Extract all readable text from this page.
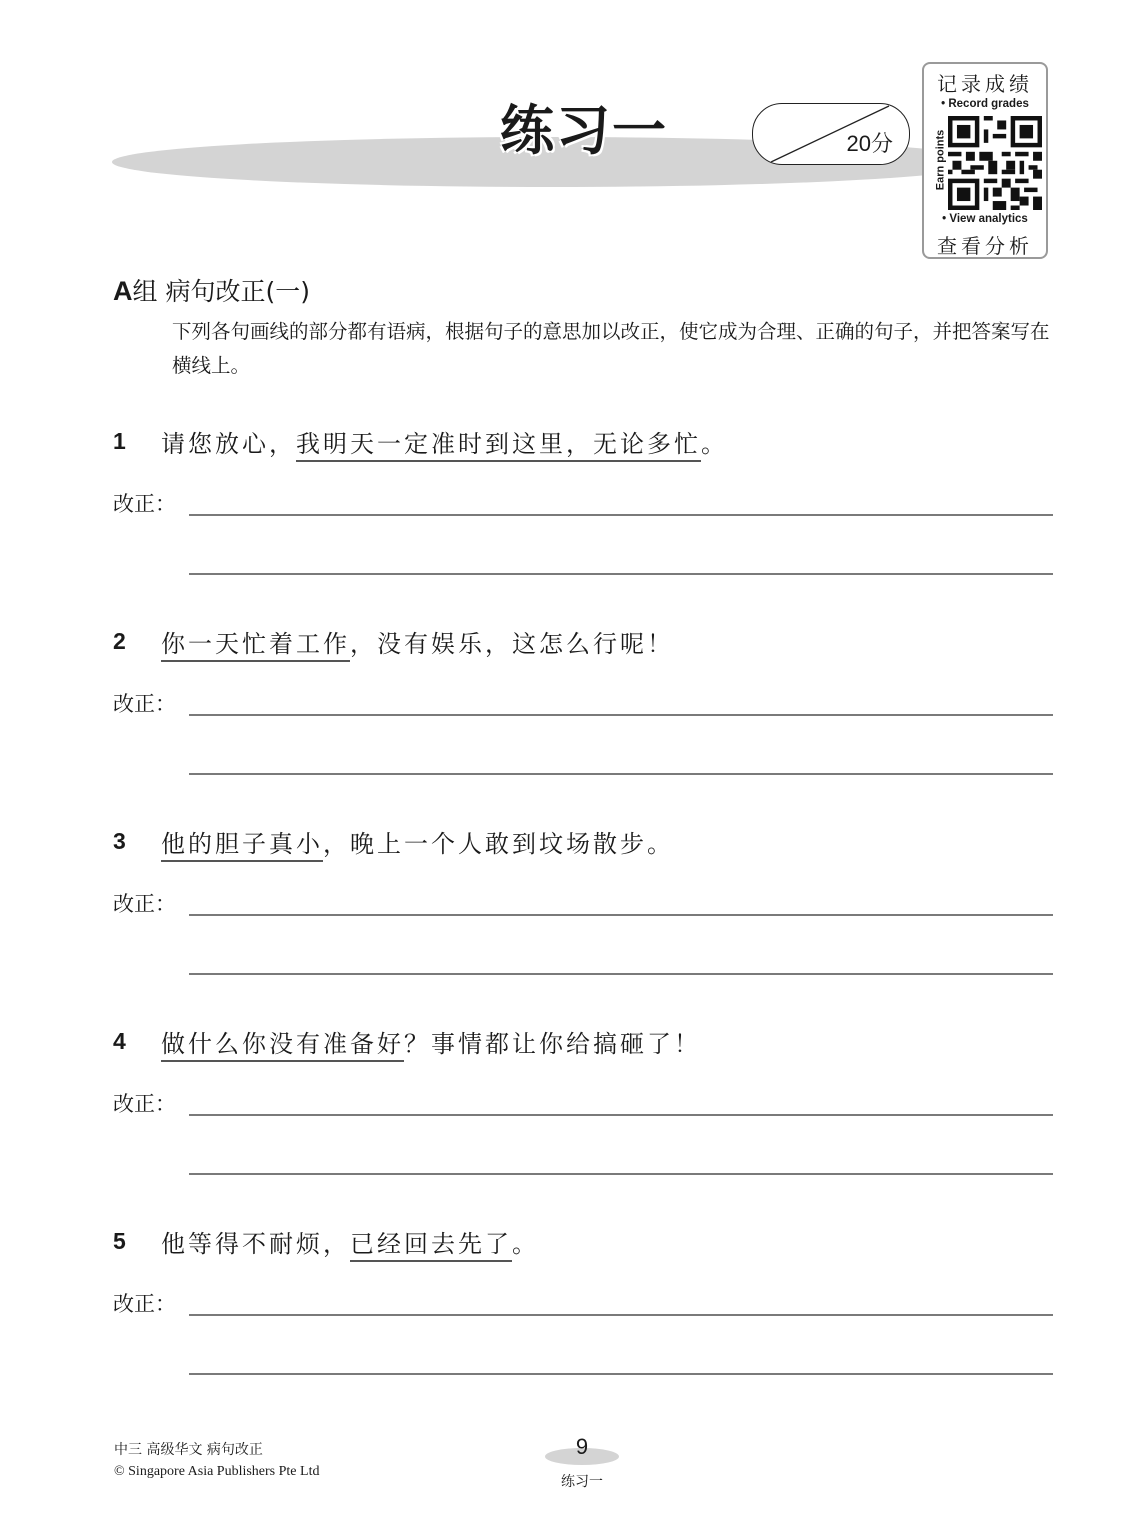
练习一	20分
记录成绩
• Record grades
Earn points
• View analytics
查看分析
A组 病句改正(一)
下列各句画线的部分都有语病，根据句子的意思加以改正，使它成为合理、正确的句子，并把答案写在横线上。
1 请您放心，我明天一定准时到这里，无论多忙。
改正：
2 你一天忙着工作，没有娱乐，这怎么行呢！
改正：
3 他的胆子真小，晚上一个人敢到坟场散步。
改正：
4 做什么你没有准备好？事情都让你给搞砸了！
改正：
5 他等得不耐烦，已经回去先了。
改正：
中三 高级华文 病句改正
© Singapore Asia Publishers Pte Ltd
9
练习一
